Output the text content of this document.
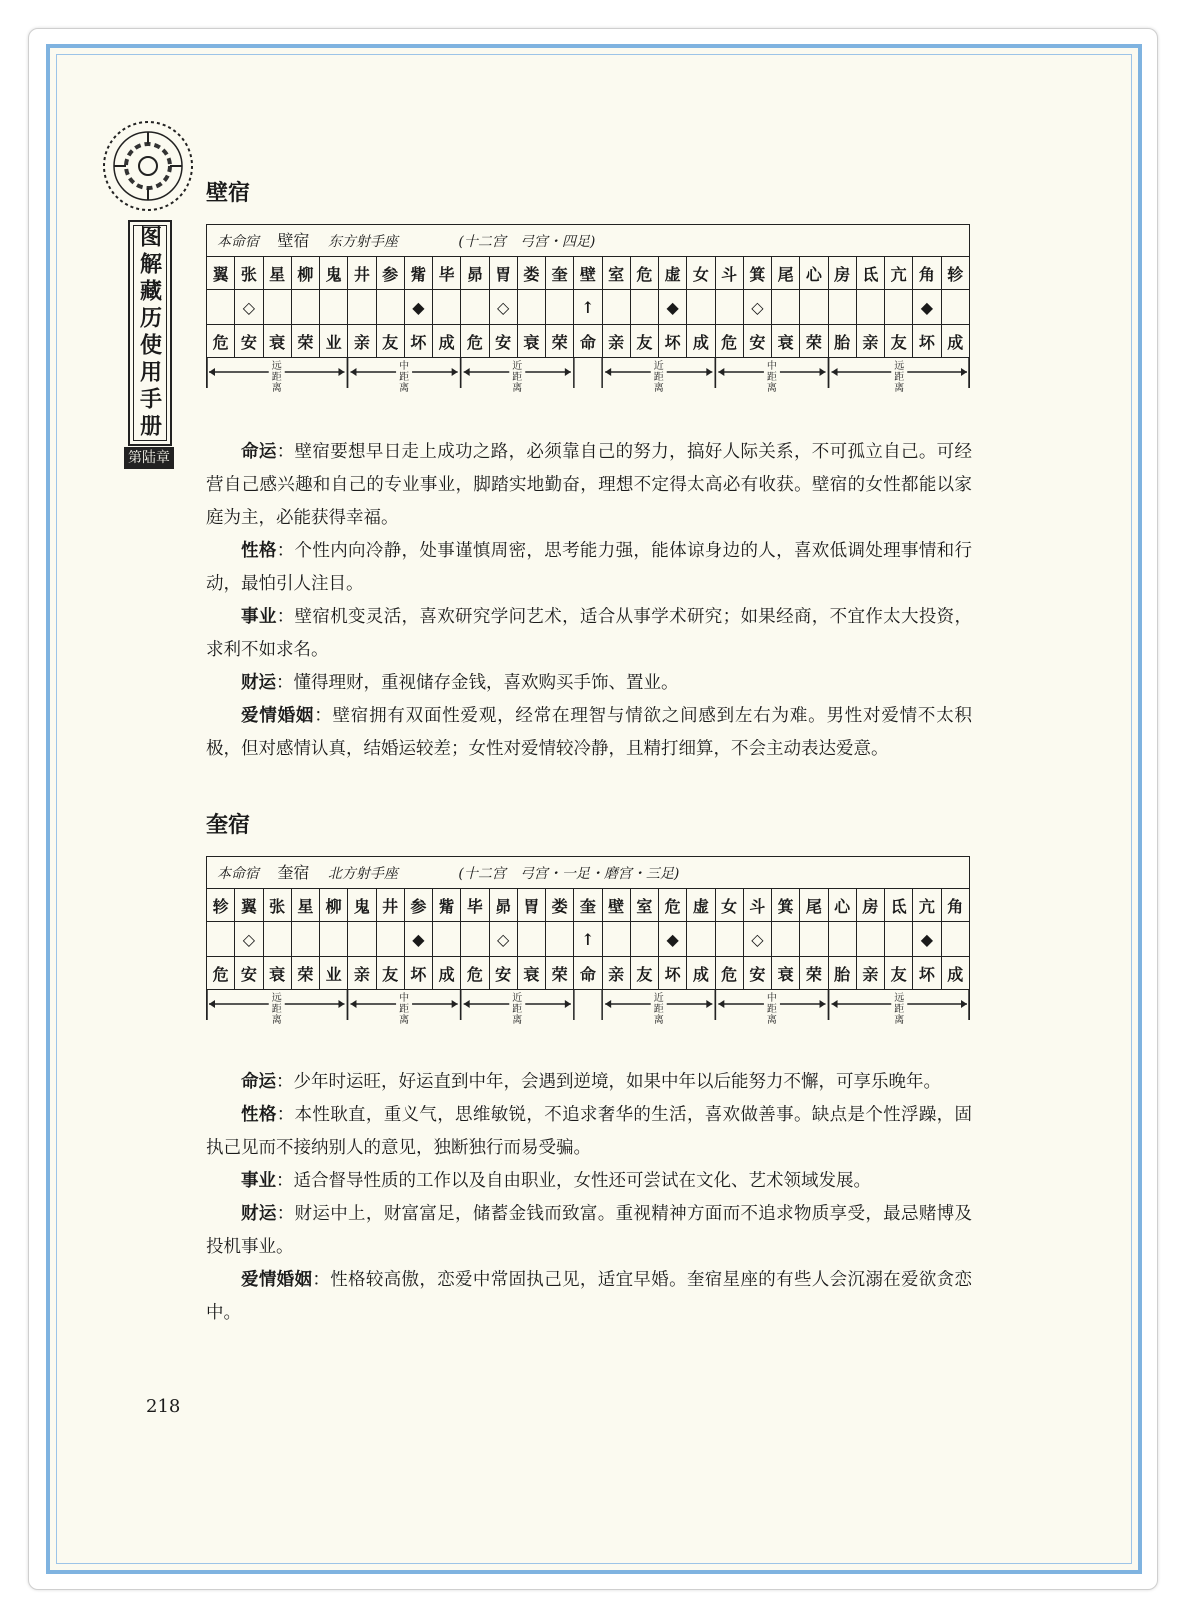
图解藏历使用手册
第陆章
壁宿
本命宿　 壁宿　 东方射手座　　　　	(十二宫　弓宫・四足)
翼	张	星	柳	鬼	井	参	觜	毕	昴	胃	娄	奎	壁	室	危	虚	女	斗	箕	尾	心	房	氐	亢	角	轸
	◇						◆			◇			↑			◆			◇						◆	
危	安	衰	荣	业	亲	友	坏	成	危	安	衰	荣	命	亲	友	坏	成	危	安	衰	荣	胎	亲	友	坏	成
远
距
离
中
距
离
近
距
离
近
距
离
中
距
离
远
距
离

命运：壁宿要想早日走上成功之路，必须靠自己的努力，搞好人际关系，不可孤立自己。可经营自己感兴趣和自己的专业事业，脚踏实地勤奋，理想不定得太高必有收获。壁宿的女性都能以家庭为主，必能获得幸福。

性格：个性内向冷静，处事谨慎周密，思考能力强，能体谅身边的人，喜欢低调处理事情和行动，最怕引人注目。

事业：壁宿机变灵活，喜欢研究学问艺术，适合从事学术研究；如果经商，不宜作太大投资，求利不如求名。

财运：懂得理财，重视储存金钱，喜欢购买手饰、置业。

爱情婚姻：壁宿拥有双面性爱观，经常在理智与情欲之间感到左右为难。男性对爱情不太积极，但对感情认真，结婚运较差；女性对爱情较冷静，且精打细算，不会主动表达爱意。

奎宿
本命宿　 奎宿　 北方射手座　　　　	(十二宫　弓宫・一足・磨宫・三足)
轸	翼	张	星	柳	鬼	井	参	觜	毕	昴	胃	娄	奎	壁	室	危	虚	女	斗	箕	尾	心	房	氐	亢	角
	◇						◆			◇			↑			◆			◇						◆	
危	安	衰	荣	业	亲	友	坏	成	危	安	衰	荣	命	亲	友	坏	成	危	安	衰	荣	胎	亲	友	坏	成
远
距
离
中
距
离
近
距
离
近
距
离
中
距
离
远
距
离

命运：少年时运旺，好运直到中年，会遇到逆境，如果中年以后能努力不懈，可享乐晚年。

性格：本性耿直，重义气，思维敏锐，不追求奢华的生活，喜欢做善事。缺点是个性浮躁，固执己见而不接纳别人的意见，独断独行而易受骗。

事业：适合督导性质的工作以及自由职业，女性还可尝试在文化、艺术领域发展。

财运：财运中上，财富富足，储蓄金钱而致富。重视精神方面而不追求物质享受，最忌赌博及投机事业。

爱情婚姻：性格较高傲，恋爱中常固执己见，适宜早婚。奎宿星座的有些人会沉溺在爱欲贪恋中。

218
